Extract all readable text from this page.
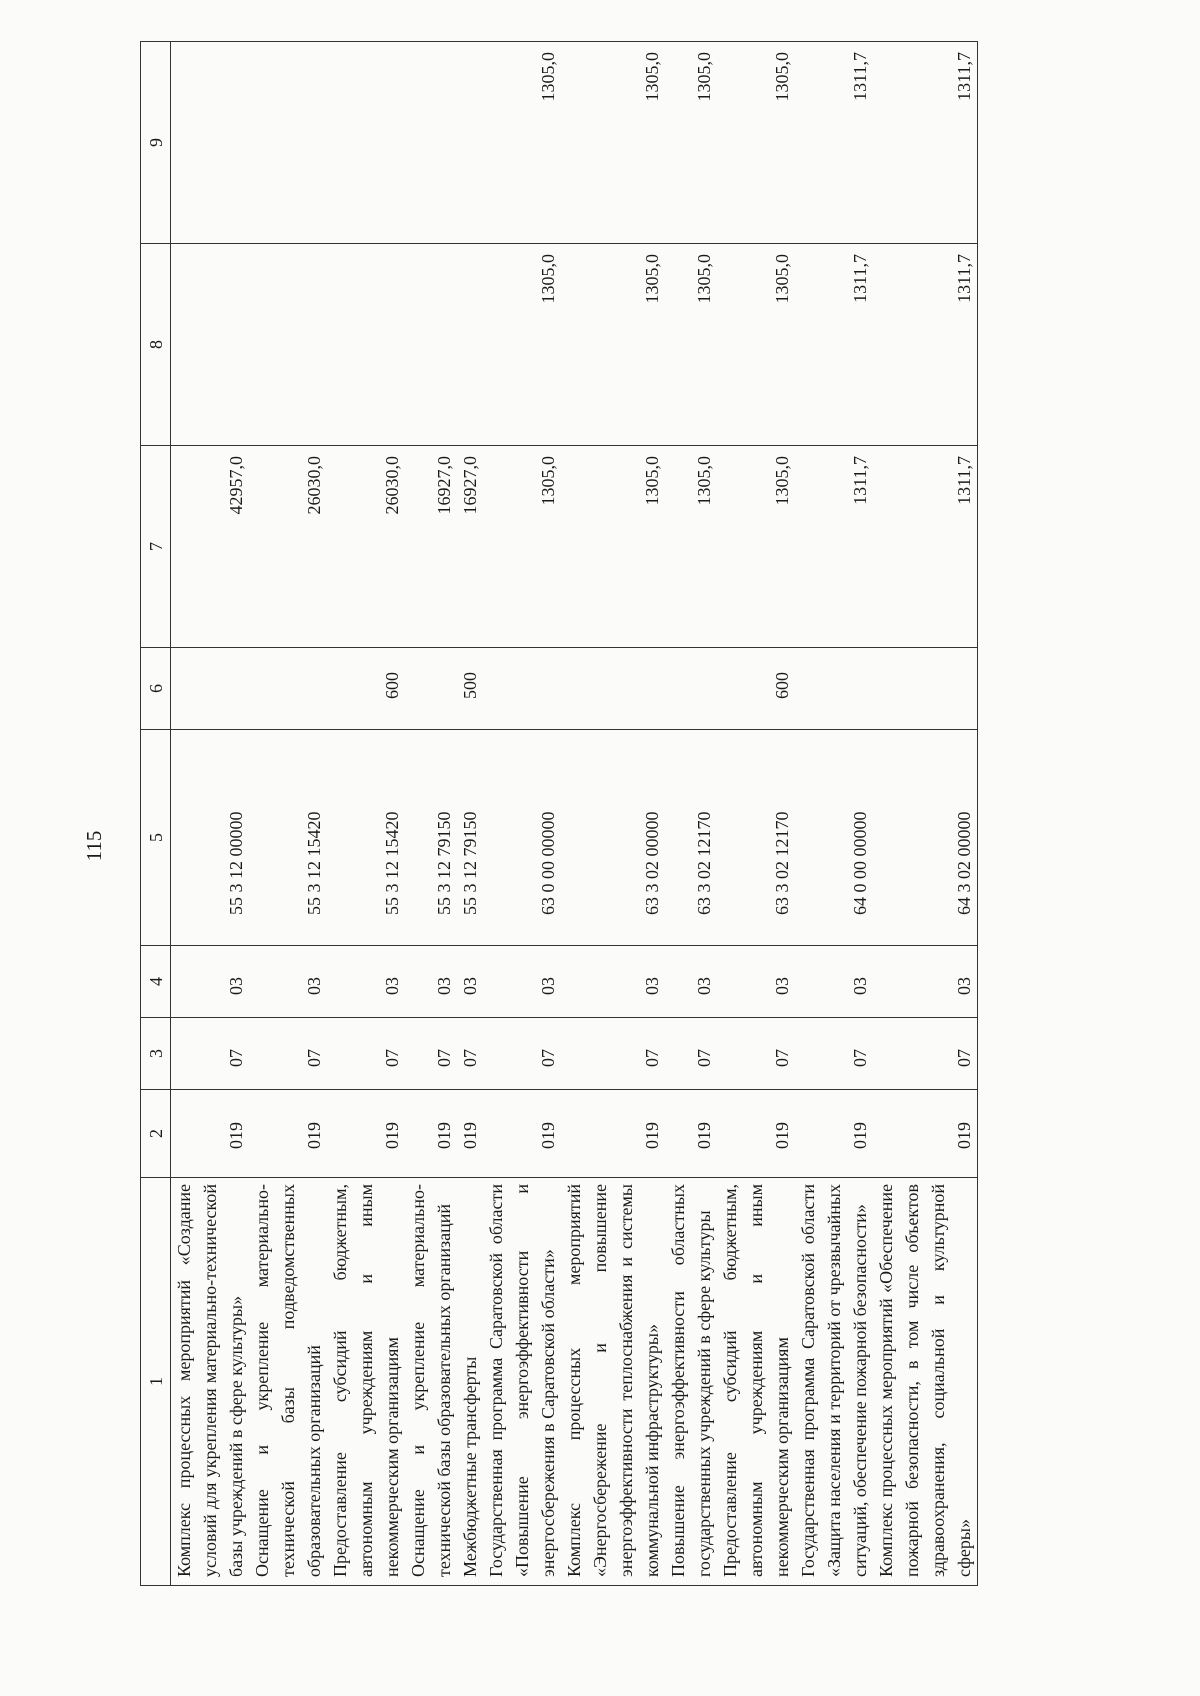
115
1	2	3	4	5	6	7	8	9
Комплекс процессных мероприятий «Создание условий для укрепления материально-технической базы учреждений в сфере культуры»	019	07	03	55 3 12 00000		42957,0		
Оснащение и укрепление материально-технической базы подведомственных образовательных организаций	019	07	03	55 3 12 15420		26030,0		
Предоставление субсидий бюджетным, автономным учреждениям и иным некоммерческим организациям	019	07	03	55 3 12 15420	600	26030,0		
Оснащение и укрепление материально-технической базы образовательных организаций	019	07	03	55 3 12 79150		16927,0		
Межбюджетные трансферты	019	07	03	55 3 12 79150	500	16927,0		
Государственная программа Саратовской области «Повышение энергоэффективности и энергосбережения в Саратовской области»	019	07	03	63 0 00 00000		1305,0	1305,0	1305,0
Комплекс процессных мероприятий «Энергосбережение и повышение энергоэффективности теплоснабжения и системы коммунальной инфраструктуры»	019	07	03	63 3 02 00000		1305,0	1305,0	1305,0
Повышение энергоэффективности областных государственных учреждений в сфере культуры	019	07	03	63 3 02 12170		1305,0	1305,0	1305,0
Предоставление субсидий бюджетным, автономным учреждениям и иным некоммерческим организациям	019	07	03	63 3 02 12170	600	1305,0	1305,0	1305,0
Государственная программа Саратовской области «Защита населения и территорий от чрезвычайных ситуаций, обеспечение пожарной безопасности»	019	07	03	64 0 00 00000		1311,7	1311,7	1311,7
Комплекс процессных мероприятий «Обеспечение пожарной безопасности, в том числе объектов здравоохранения, социальной и культурной сферы»	019	07	03	64 3 02 00000		1311,7	1311,7	1311,7
